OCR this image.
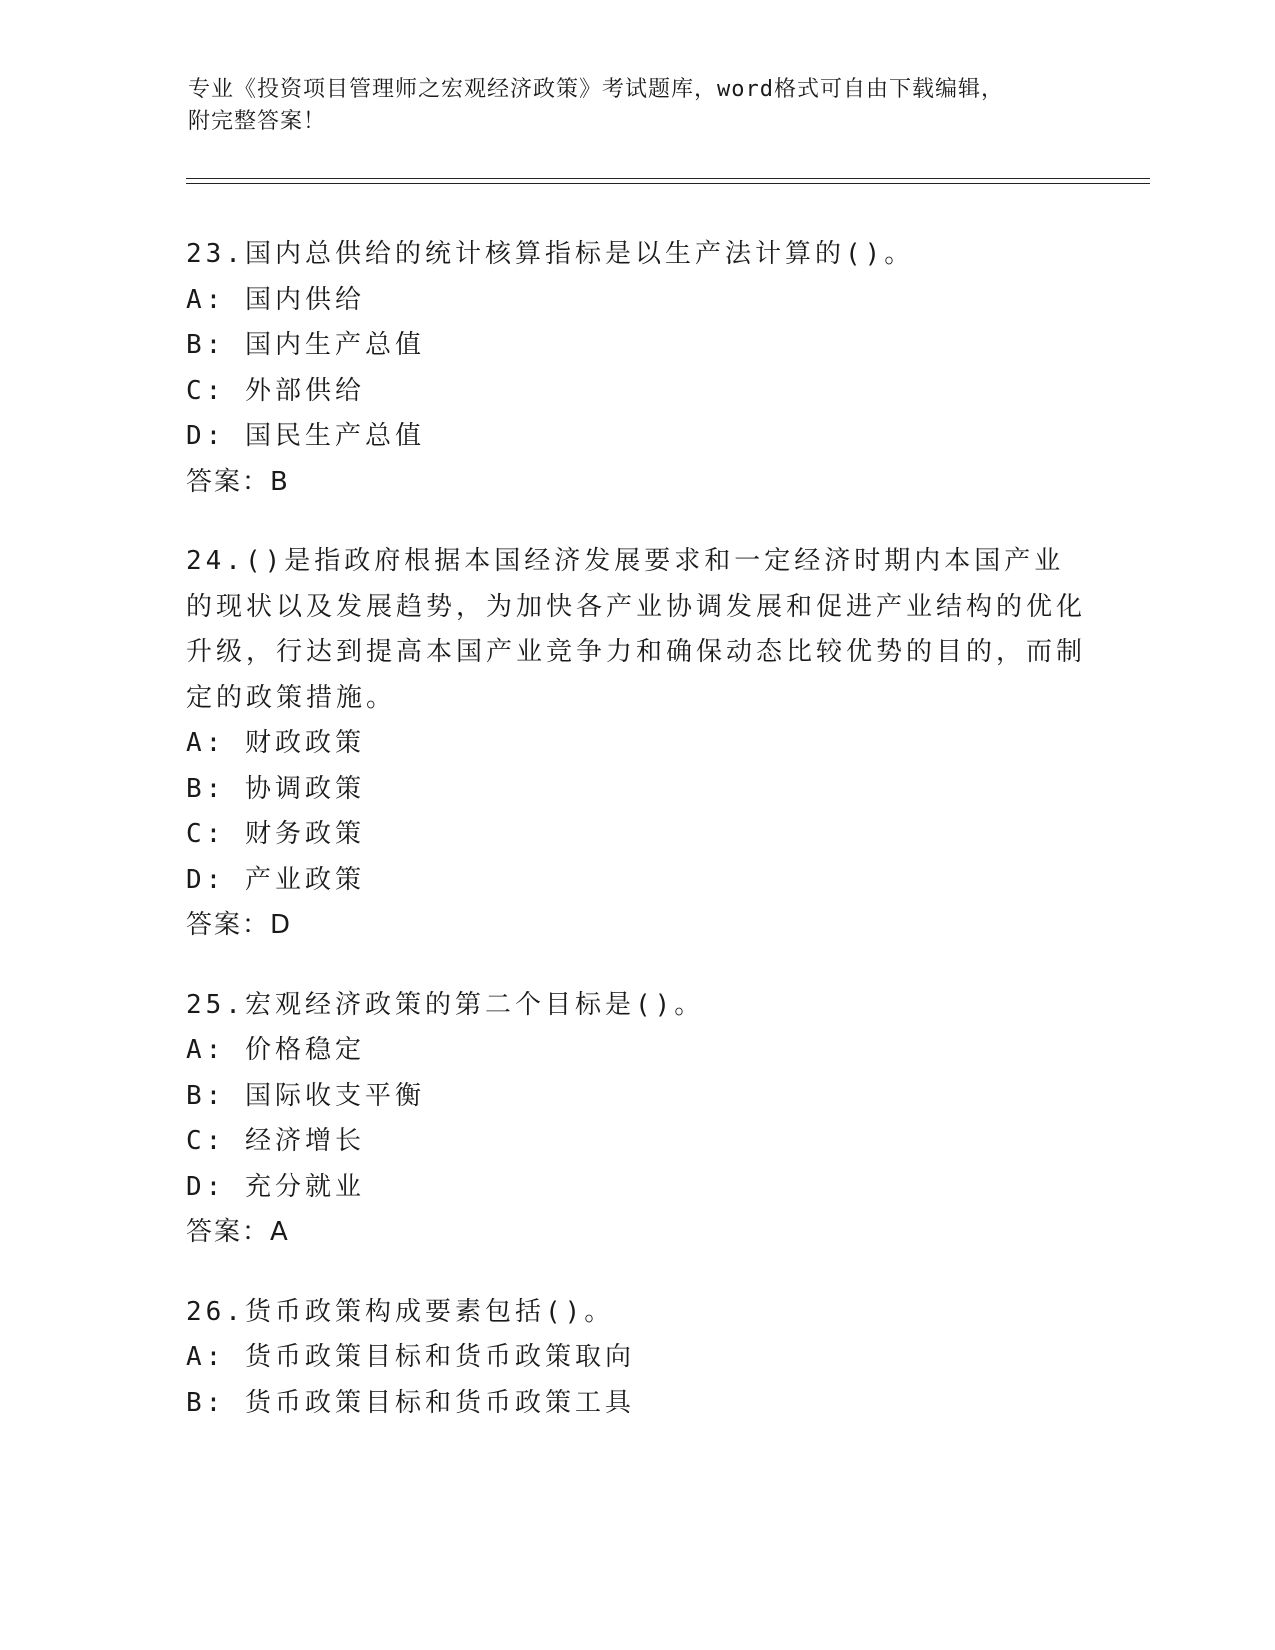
专业《投资项目管理师之宏观经济政策》考试题库，word格式可自由下载编辑，
附完整答案！
23.国内总供给的统计核算指标是以生产法计算的()。
A: 国内供给
B: 国内生产总值
C: 外部供给
D: 国民生产总值
答案：B
24.()是指政府根据本国经济发展要求和一定经济时期内本国产业的现状以及发展趋势，为加快各产业协调发展和促进产业结构的优化升级，行达到提高本国产业竞争力和确保动态比较优势的目的，而制定的政策措施。
A: 财政政策
B: 协调政策
C: 财务政策
D: 产业政策
答案：D
25.宏观经济政策的第二个目标是()。
A: 价格稳定
B: 国际收支平衡
C: 经济增长
D: 充分就业
答案：A
26.货币政策构成要素包括()。
A: 货币政策目标和货币政策取向
B: 货币政策目标和货币政策工具
